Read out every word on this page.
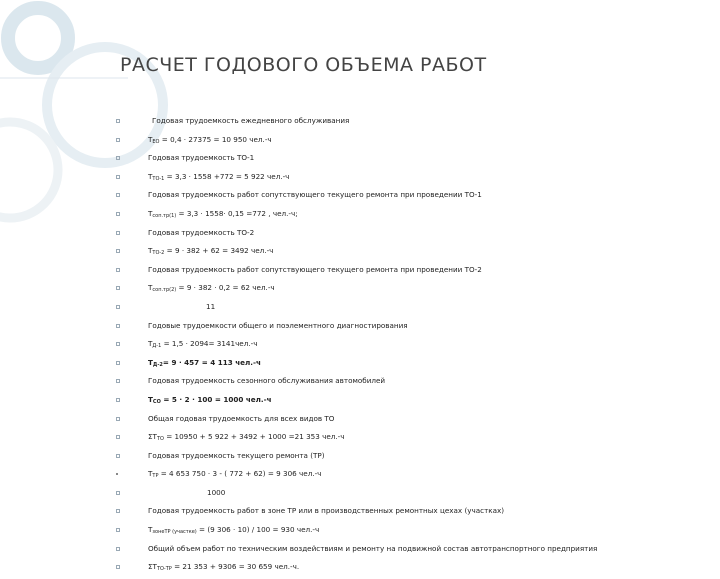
РАСЧЕТ ГОДОВОГО ОБЪЕМА РАБОТ
Годовая трудоемкость ежедневного обслуживания
$T_{ЕО} = 0,4 \cdot 27375 = 10$ 950 чел.-ч
Годовая трудоемкость ТО-1
$T_{ТО-1} = 3,3 \cdot 1558 +772 = 5$ 922 чел.-ч
Годовая трудоемкость работ сопутствующего текущего ремонта при проведении ТО-1
$T_{соп.тр(1)} = 3,3 \cdot 1558\cdot 0,15 =772$ , чел.-ч;
Годовая трудоемкость ТО-2
$T_{ТО-2} = 9 \cdot 382 + 62 = 3492$ чел.-ч
Годовая трудоемкость работ сопутствующего текущего ремонта при проведении ТО-2
$T_{соп.тр(2)} = 9 \cdot 382 \cdot 0,2 = 62$ чел.-ч
11
Годовые трудоемкости общего и поэлементного диагностирования
$T_{Д-1} = 1,5 \cdot 2094= 3141чел.-ч$
$T_{Д-2}= 9 \cdot 457 = 4$ 113 чел.-ч
Годовая трудоемкость сезонного обслуживания автомобилей
$T_{СО} = 5 \cdot 2 \cdot 100 = 1000$ чел.-ч
Общая годовая трудоемкость для всех видов ТО
$\Sigma T_{ТО} = 10950 + 5$ 922 + 3492 + 1000 =21 353 чел.-ч
Годовая трудоемкость текущего ремонта (ТР)
$T_{ТР} = 4$ 653 750 · 3 - ( 772 + 62) = 9 306 чел.-ч
1000
Годовая трудоемкость работ в зоне ТР или в производственных ремонтных цехах (участках)
$T_{зонеТР (участке)} = (9$ 306 · 10) / 100 = 930 чел.-ч
Общий объем работ по техническим воздействиям и ремонту на подвижной состав автотранспортного предприятия
$\Sigma T_{ТО-ТР} = 21$ 353 + 9306 = 30 659 чел.-ч.
